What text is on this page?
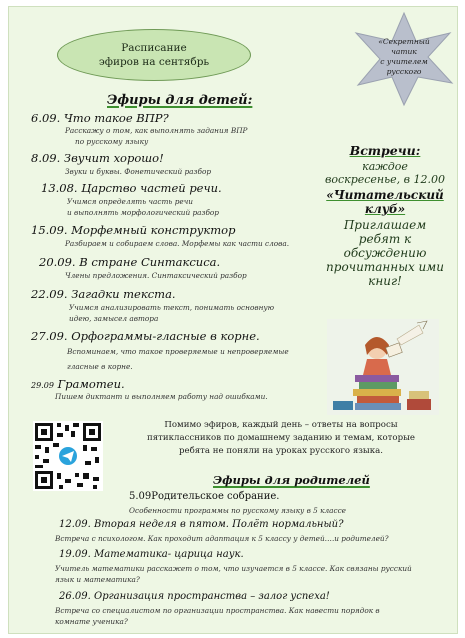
Расписание
эфиров на сентябрь
«Секретный
чатик
с учителем
русского
Эфиры для детей:
6.09. Что такое ВПР?
Расскажу о том, как выполнять задания ВПР
по русскому языку
8.09. Звучит хорошо!
Звуки и буквы. Фонетический разбор
13.08. Царство частей речи.
Учимся определять часть речи
и выполнять морфологический разбор
15.09. Морфемный конструктор
Разбираем и собираем слова. Морфемы как части слова.
20.09. В стране Синтаксиса.
Члены предложения. Синтаксический разбор
22.09. Загадки текста.
Учимся анализировать текст, понимать основную
идею, замысел автора
27.09. Орфограммы-гласные в корне.
Вспоминаем, что такое проверяемые и непроверяемые
гласные в корне.
29.09 Грамотеи.
Пишем диктант и выполняем работу над ошибками.
Встречи:
каждое
воскресенье, в 12.00
«Читательский
клуб»
Приглашаем
ребят к
обсуждению
прочитанных ими
книг!
Помимо эфиров, каждый день – ответы на вопросы
пятиклассников по домашнему заданию и темам, которые
ребята не поняли на уроках русского языка.
Эфиры для родителей
5.09Родительское собрание.
Особенности программы по русскому языку в 5 классе
12.09. Вторая неделя в пятом. Полёт нормальный?
Встреча с психологом. Как проходит адаптация к 5 классу у детей….и родителей?
19.09. Математика- царица наук.
Учитель математики расскажет о том, что изучается в 5 классе. Как связаны русский
язык и математика?
26.09. Организация пространства – залог успеха!
Встреча со специалистом по организации пространства. Как навести порядок в
комнате ученика?
